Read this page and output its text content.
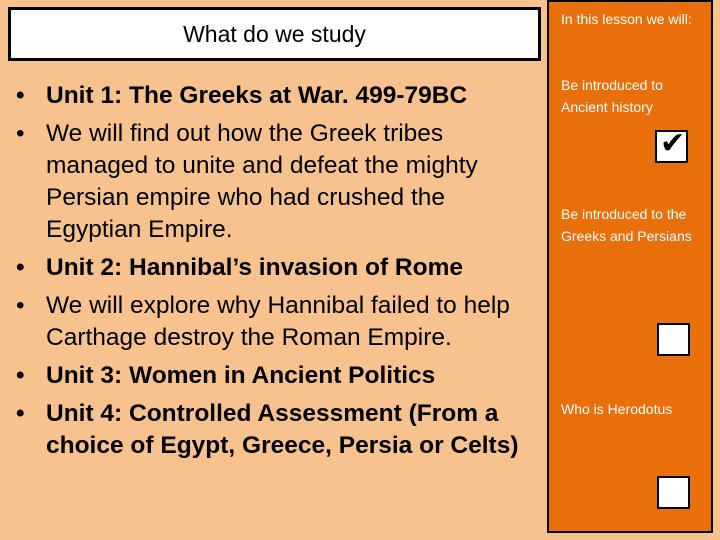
What do we study
• Unit 1: The Greeks at War. 499-79BC
• We will find out how the Greek tribes managed to unite and defeat the mighty Persian empire who had crushed the Egyptian Empire.
• Unit 2: Hannibal’s invasion of Rome
• We will explore why Hannibal failed to help Carthage destroy the Roman Empire.
• Unit 3: Women in Ancient Politics
• Unit 4: Controlled Assessment (From a choice of Egypt, Greece, Persia or Celts)
In this lesson we will:
Be introduced to Ancient history
✔
Be introduced to the Greeks and Persians
Who is Herodotus
